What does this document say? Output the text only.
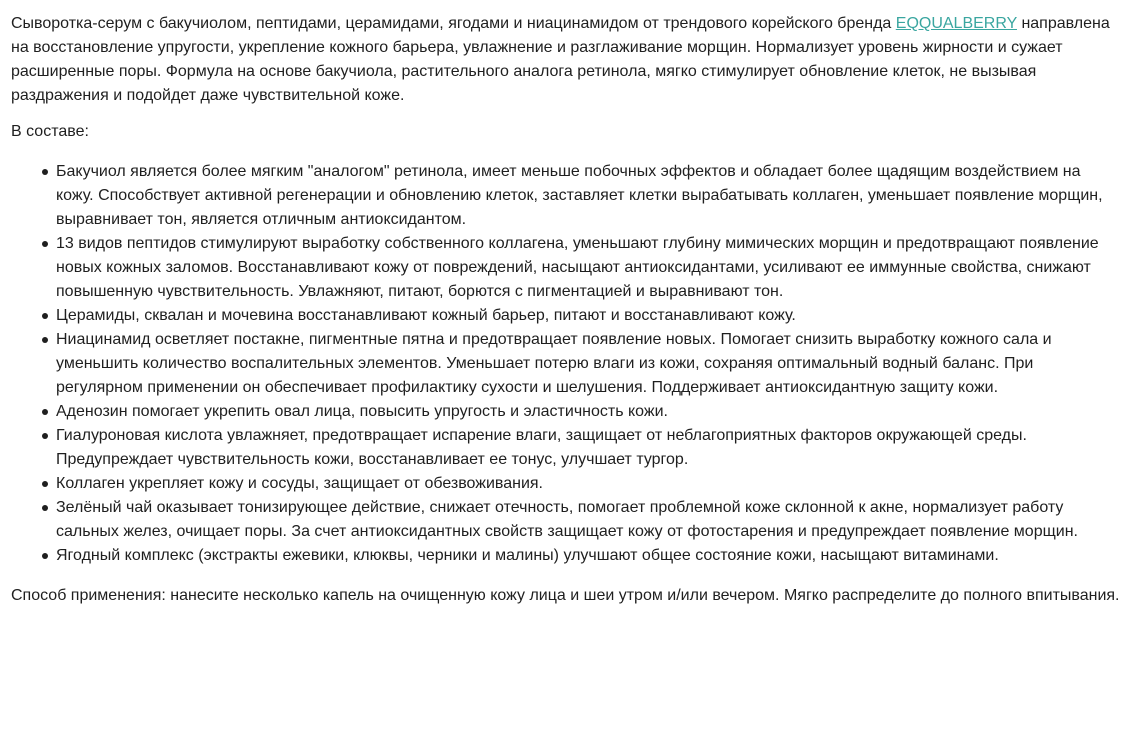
Сыворотка-серум с бакучиолом, пептидами, церамидами, ягодами и ниацинамидом от трендового корейского бренда EQQUALBERRY направлена на восстановление упругости, укрепление кожного барьера, увлажнение и разглаживание морщин. Нормализует уровень жирности и сужает расширенные поры. Формула на основе бакучиола, растительного аналога ретинола, мягко стимулирует обновление клеток, не вызывая раздражения и подойдет даже чувствительной коже.

В составе:

Бакучиол является более мягким "аналогом" ретинола, имеет меньше побочных эффектов и обладает более щадящим воздействием на кожу. Способствует активной регенерации и обновлению клеток, заставляет клетки вырабатывать коллаген, уменьшает появление морщин, выравнивает тон, является отличным антиоксидантом.
13 видов пептидов стимулируют выработку собственного коллагена, уменьшают глубину мимических морщин и предотвращают появление новых кожных заломов. Восстанавливают кожу от повреждений, насыщают антиоксидантами, усиливают ее иммунные свойства, снижают повышенную чувствительность. Увлажняют, питают, борются с пигментацией и выравнивают тон.
Церамиды, сквалан и мочевина восстанавливают кожный барьер, питают и восстанавливают кожу.
Ниацинамид осветляет постакне, пигментные пятна и предотвращает появление новых. Помогает снизить выработку кожного сала и уменьшить количество воспалительных элементов. Уменьшает потерю влаги из кожи, сохраняя оптимальный водный баланс. При регулярном применении он обеспечивает профилактику сухости и шелушения. Поддерживает антиоксидантную защиту кожи.
Аденозин помогает укрепить овал лица, повысить упругость и эластичность кожи.
Гиалуроновая кислота увлажняет, предотвращает испарение влаги, защищает от неблагоприятных факторов окружающей среды. Предупреждает чувствительность кожи, восстанавливает ее тонус, улучшает тургор.
Коллаген укрепляет кожу и сосуды, защищает от обезвоживания.
Зелёный чай оказывает тонизирующее действие, снижает отечность, помогает проблемной коже склонной к акне, нормализует работу сальных желез, очищает поры. За счет антиоксидантных свойств защищает кожу от фотостарения и предупреждает появление морщин.
Ягодный комплекс (экстракты ежевики, клюквы, черники и малины) улучшают общее состояние кожи, насыщают витаминами.

Способ применения: нанесите несколько капель на очищенную кожу лица и шеи утром и/или вечером. Мягко распределите до полного впитывания.
